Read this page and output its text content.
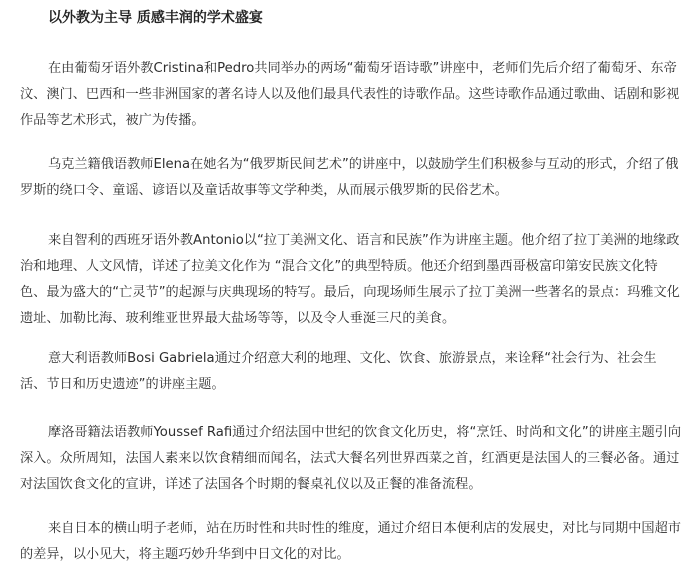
以外教为主导 质感丰润的学术盛宴

在由葡萄牙语外教Cristina和Pedro共同举办的两场“葡萄牙语诗歌”讲座中，老师们先后介绍了葡萄牙、东帝汶、澳门、巴西和一些非洲国家的著名诗人以及他们最具代表性的诗歌作品。这些诗歌作品通过歌曲、话剧和影视作品等艺术形式，被广为传播。

乌克兰籍俄语教师Elena在她名为“俄罗斯民间艺术”的讲座中，以鼓励学生们积极参与互动的形式，介绍了俄罗斯的绕口令、童谣、谚语以及童话故事等文学种类，从而展示俄罗斯的民俗艺术。

来自智利的西班牙语外教Antonio以“拉丁美洲文化、语言和民族”作为讲座主题。他介绍了拉丁美洲的地缘政治和地理、人文风情，详述了拉美文化作为 “混合文化”的典型特质。他还介绍到墨西哥极富印第安民族文化特色、最为盛大的“亡灵节”的起源与庆典现场的特写。最后，向现场师生展示了拉丁美洲一些著名的景点：玛雅文化遗址、加勒比海、玻利维亚世界最大盐场等等，以及令人垂涎三尺的美食。

意大利语教师Bosi Gabriela通过介绍意大利的地理、文化、饮食、旅游景点，来诠释“社会行为、社会生活、节日和历史遗迹”的讲座主题。

摩洛哥籍法语教师Youssef Rafi通过介绍法国中世纪的饮食文化历史，将“烹饪、时尚和文化”的讲座主题引向深入。众所周知，法国人素来以饮食精细而闻名，法式大餐名列世界西菜之首，红酒更是法国人的三餐必备。通过对法国饮食文化的宣讲，详述了法国各个时期的餐桌礼仪以及正餐的准备流程。

来自日本的横山明子老师，站在历时性和共时性的维度，通过介绍日本便利店的发展史，对比与同期中国超市的差异，以小见大，将主题巧妙升华到中日文化的对比。
